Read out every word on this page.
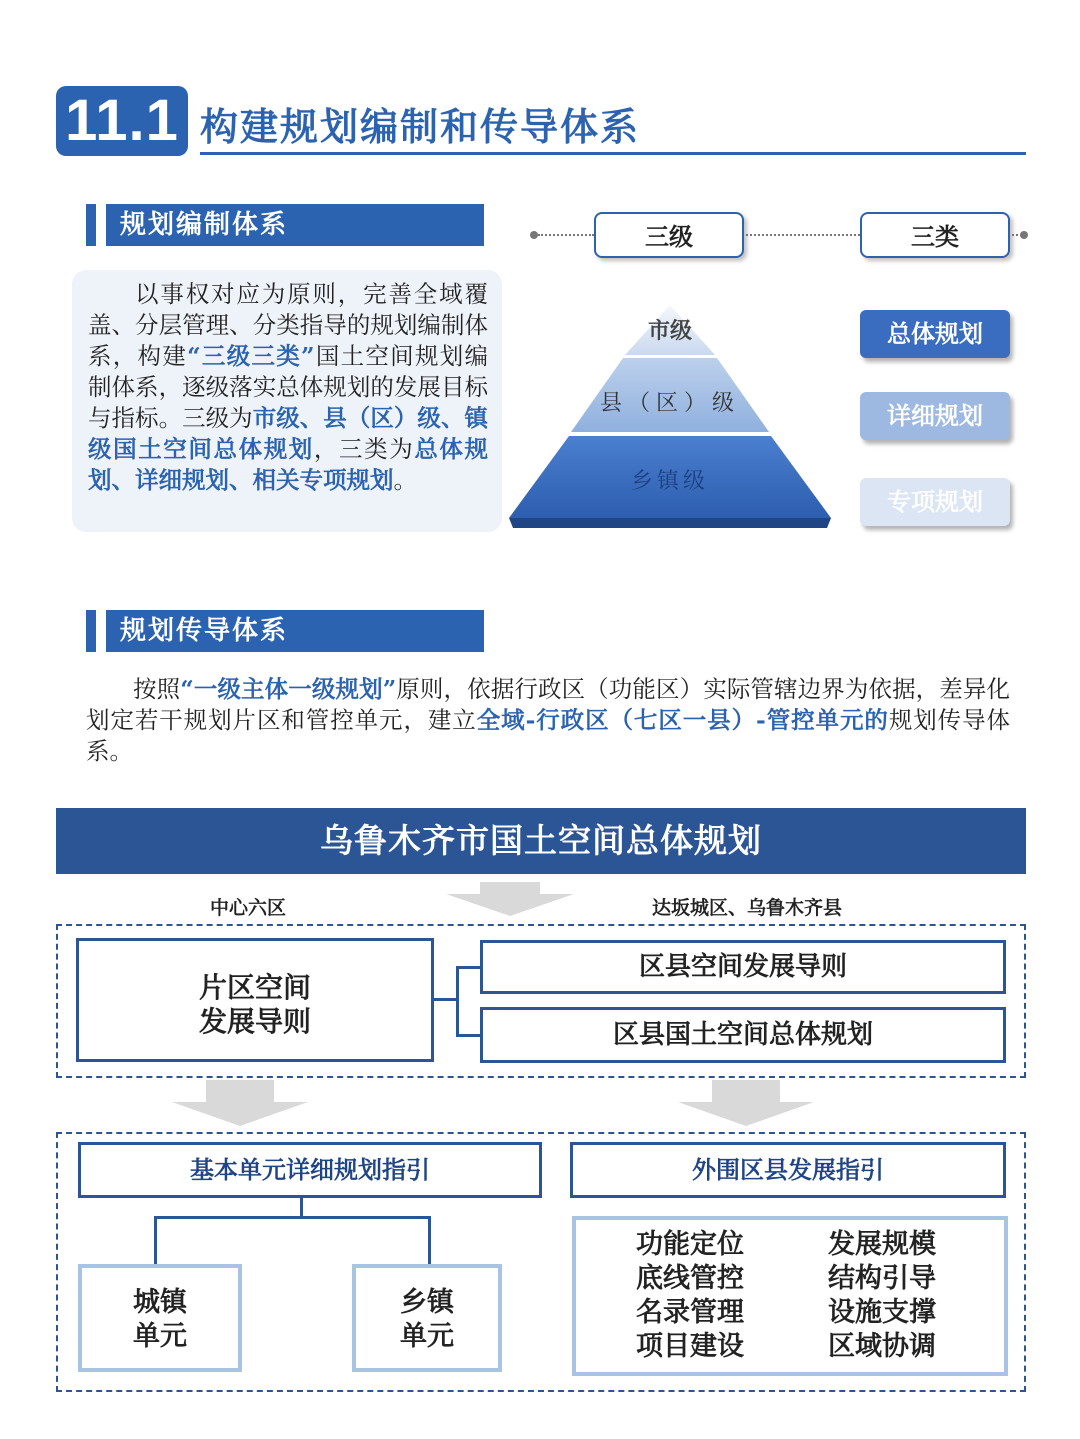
11.1 构建规划编制和传导体系
规划编制体系
以事权对应为原则，完善全域覆盖、分层管理、分类指导的规划编制体系，构建“三级三类”国土空间规划编制体系，逐级落实总体规划的发展目标与指标。三级为市级、县（区）级、镇级国土空间总体规划，三类为总体规划、详细规划、相关专项规划。
三级	三类
市级
县（区）级
乡镇级
总体规划
详细规划
专项规划
规划传导体系
按照“一级主体一级规划”原则，依据行政区（功能区）实际管辖边界为依据，差异化划定若干规划片区和管控单元，建立全域-行政区（七区一县）-管控单元的规划传导体系。
乌鲁木齐市国土空间总体规划
中心六区	达坂城区、乌鲁木齐县
片区空间
发展导则
区县空间发展导则
区县国土空间总体规划
基本单元详细规划指引	外围区县发展指引
城镇
单元
乡镇
单元
功能定位	发展规模
底线管控	结构引导
名录管理	设施支撑
项目建设	区域协调
